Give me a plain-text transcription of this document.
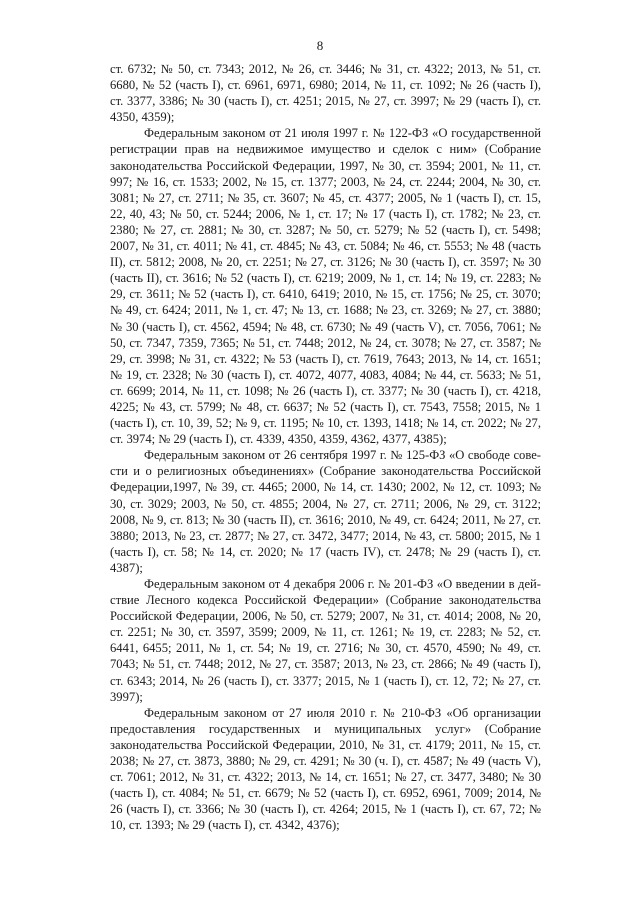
8

ст. 6732; № 50, ст. 7343; 2012, № 26, ст. 3446; № 31, ст. 4322; 2013, № 51, ст. 6680, № 52 (часть I), ст. 6961, 6971, 6980; 2014, № 11, ст. 1092; № 26 (часть I), ст. 3377, 3386; № 30 (часть I), ст. 4251; 2015, № 27, ст. 3997; № 29 (часть I), ст. 4350, 4359);

Федеральным законом от 21 июля 1997 г. № 122-ФЗ «О государственной регистрации прав на недвижимое имущество и сделок с ним» (Собрание законодательства Российской Федерации, 1997, № 30, ст. 3594; 2001, № 11, ст. 997; № 16, ст. 1533; 2002, № 15, ст. 1377; 2003, № 24, ст. 2244; 2004, № 30, ст. 3081; № 27, ст. 2711; № 35, ст. 3607; № 45, ст. 4377; 2005, № 1 (часть I), ст. 15, 22, 40, 43; № 50, ст. 5244; 2006, № 1, ст. 17; № 17 (часть I), ст. 1782; № 23, ст. 2380; № 27, ст. 2881; № 30, ст. 3287; № 50, ст. 5279; № 52 (часть I), ст. 5498; 2007, № 31, ст. 4011; № 41, ст. 4845; № 43, ст. 5084; № 46, ст. 5553; № 48 (часть II), ст. 5812; 2008, № 20, ст. 2251; № 27, ст. 3126; № 30 (часть I), ст. 3597; № 30 (часть II), ст. 3616; № 52 (часть I), ст. 6219; 2009, № 1, ст. 14; № 19, ст. 2283; № 29, ст. 3611; № 52 (часть I), ст. 6410, 6419; 2010, № 15, ст. 1756; № 25, ст. 3070; № 49, ст. 6424; 2011, № 1, ст. 47; № 13, ст. 1688; № 23, ст. 3269; № 27, ст. 3880; № 30 (часть I), ст. 4562, 4594; № 48, ст. 6730; № 49 (часть V), ст. 7056, 7061; № 50, ст. 7347, 7359, 7365; № 51, ст. 7448; 2012, № 24, ст. 3078; № 27, ст. 3587; № 29, ст. 3998; № 31, ст. 4322; № 53 (часть I), ст. 7619, 7643; 2013, № 14, ст. 1651; № 19, ст. 2328; № 30 (часть I), ст. 4072, 4077, 4083, 4084; № 44, ст. 5633; № 51, ст. 6699; 2014, № 11, ст. 1098; № 26 (часть I), ст. 3377; № 30 (часть I), ст. 4218, 4225; № 43, ст. 5799; № 48, ст. 6637; № 52 (часть I), ст. 7543, 7558; 2015, № 1 (часть I), ст. 10, 39, 52; № 9, ст. 1195; № 10, ст. 1393, 1418; № 14, ст. 2022; № 27, ст. 3974; № 29 (часть I), ст. 4339, 4350, 4359, 4362, 4377, 4385);

Федеральным законом от 26 сентября 1997 г. № 125-ФЗ «О свободе совести и о религиозных объединениях» (Собрание законодательства Российской Федерации,1997, № 39, ст. 4465; 2000, № 14, ст. 1430; 2002, № 12, ст. 1093; № 30, ст. 3029; 2003, № 50, ст. 4855; 2004, № 27, ст. 2711; 2006, № 29, ст. 3122; 2008, № 9, ст. 813; № 30 (часть II), ст. 3616; 2010, № 49, ст. 6424; 2011, № 27, ст. 3880; 2013, № 23, ст. 2877; № 27, ст. 3472, 3477; 2014, № 43, ст. 5800; 2015, № 1 (часть I), ст. 58; № 14, ст. 2020; № 17 (часть IV), ст. 2478; № 29 (часть I), ст. 4387);

Федеральным законом от 4 декабря 2006 г. № 201-ФЗ «О введении в действие Лесного кодекса Российской Федерации» (Собрание законодательства Российской Федерации, 2006, № 50, ст. 5279; 2007, № 31, ст. 4014; 2008, № 20, ст. 2251; № 30, ст. 3597, 3599; 2009, № 11, ст. 1261; № 19, ст. 2283; № 52, ст. 6441, 6455; 2011, № 1, ст. 54; № 19, ст. 2716; № 30, ст. 4570, 4590; № 49, ст. 7043; № 51, ст. 7448; 2012, № 27, ст. 3587; 2013, № 23, ст. 2866; № 49 (часть I), ст. 6343; 2014, № 26 (часть I), ст. 3377; 2015, № 1 (часть I), ст. 12, 72; № 27, ст. 3997);

Федеральным законом от 27 июля 2010 г. № 210-ФЗ «Об организации предоставления государственных и муниципальных услуг» (Собрание законодательства Российской Федерации, 2010, № 31, ст. 4179; 2011, № 15, ст. 2038; № 27, ст. 3873, 3880; № 29, ст. 4291; № 30 (ч. I), ст. 4587; № 49 (часть V), ст. 7061; 2012, № 31, ст. 4322; 2013, № 14, ст. 1651; № 27, ст. 3477, 3480; № 30 (часть I), ст. 4084; № 51, ст. 6679; № 52 (часть I), ст. 6952, 6961, 7009; 2014, № 26 (часть I), ст. 3366; № 30 (часть I), ст. 4264; 2015, № 1 (часть I), ст. 67, 72; № 10, ст. 1393; № 29 (часть I), ст. 4342, 4376);
